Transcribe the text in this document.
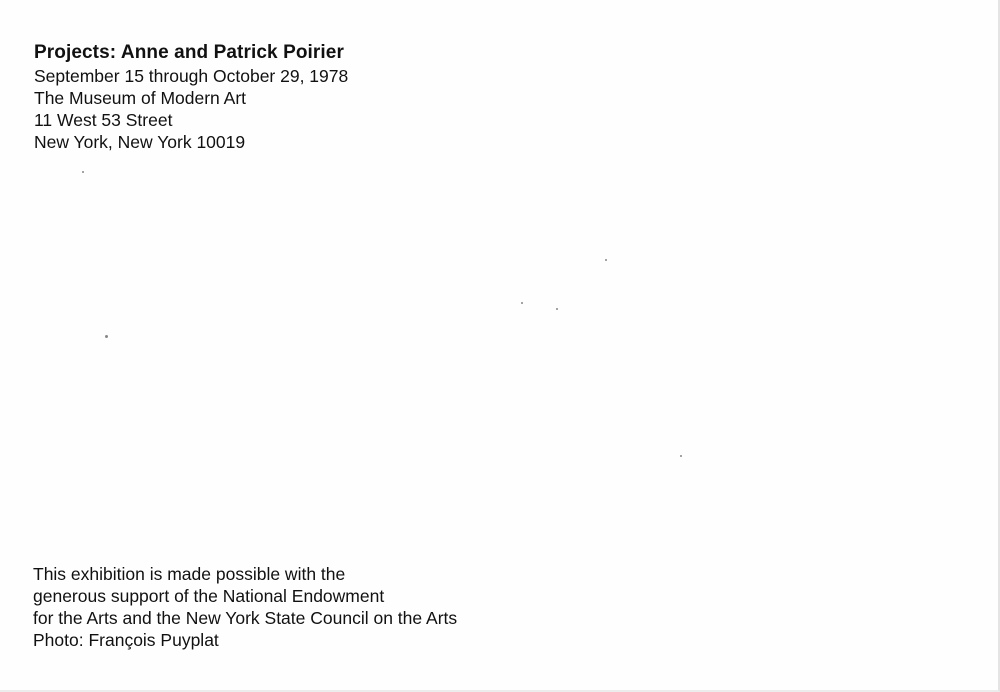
Projects: Anne and Patrick Poirier

September 15 through October 29, 1978

The Museum of Modern Art

11 West 53 Street

New York, New York 10019

This exhibition is made possible with the

generous support of the National Endowment

for the Arts and the New York State Council on the Arts

Photo: François Puyplat
